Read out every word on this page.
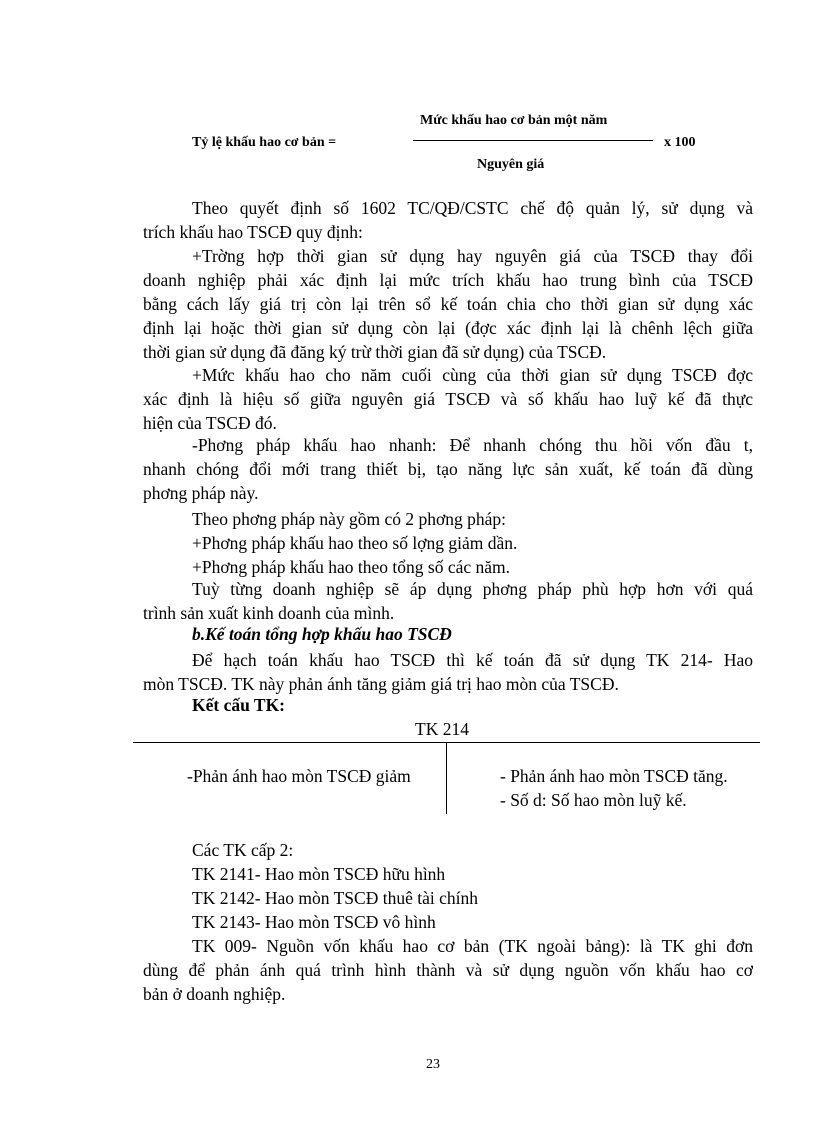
Tỷ lệ khấu hao cơ bản =
Mức khấu hao cơ bản một năm
Nguyên giá
x 100
Theo quyết định số 1602 TC/QĐ/CSTC chế độ quản lý, sử dụng và
trích khấu hao TSCĐ quy định:
+Trờng hợp thời gian sử dụng hay nguyên giá của TSCĐ thay đổi
doanh nghiệp phải xác định lại mức trích khấu hao trung bình của TSCĐ
bằng cách lấy giá trị còn lại trên sổ kế toán chia cho thời gian sử dụng xác
định lại hoặc thời gian sử dụng còn lại (đợc xác định lại là chênh lệch giữa
thời gian sử dụng đã đăng ký trừ thời gian đã sử dụng) của TSCĐ.
+Mức khấu hao cho năm cuối cùng của thời gian sử dụng TSCĐ đợc
xác định là hiệu số giữa nguyên giá TSCĐ và số khấu hao luỹ kế đã thực
hiện của TSCĐ đó.
-Phơng pháp khấu hao nhanh: Để nhanh chóng thu hồi vốn đầu t,
nhanh chóng đổi mới trang thiết bị, tạo năng lực sản xuất, kế toán đã dùng
phơng pháp này.
Theo phơng pháp này gồm có 2 phơng pháp:
+Phơng pháp khấu hao theo số lợng giảm dần.
+Phơng pháp khấu hao theo tổng số các năm.
Tuỳ từng doanh nghiệp sẽ áp dụng phơng pháp phù hợp hơn với quá
trình sản xuất kinh doanh của mình.
b.Kế toán tổng hợp khấu hao TSCĐ
Để hạch toán khấu hao TSCĐ thì kế toán đã sử dụng TK 214- Hao
mòn TSCĐ. TK này phản ánh tăng giảm giá trị hao mòn của TSCĐ.
Kết cấu TK:
TK 214
-Phản ánh hao mòn TSCĐ giảm	- Phản ánh hao mòn TSCĐ tăng.
- Số d: Số hao mòn luỹ kế.
Các TK cấp 2:
TK 2141- Hao mòn TSCĐ hữu hình
TK 2142- Hao mòn TSCĐ thuê tài chính
TK 2143- Hao mòn TSCĐ vô hình
TK 009- Nguồn vốn khấu hao cơ bản (TK ngoài bảng): là TK ghi đơn
dùng để phản ánh quá trình hình thành và sử dụng nguồn vốn khấu hao cơ
bản ở doanh nghiệp.
23
